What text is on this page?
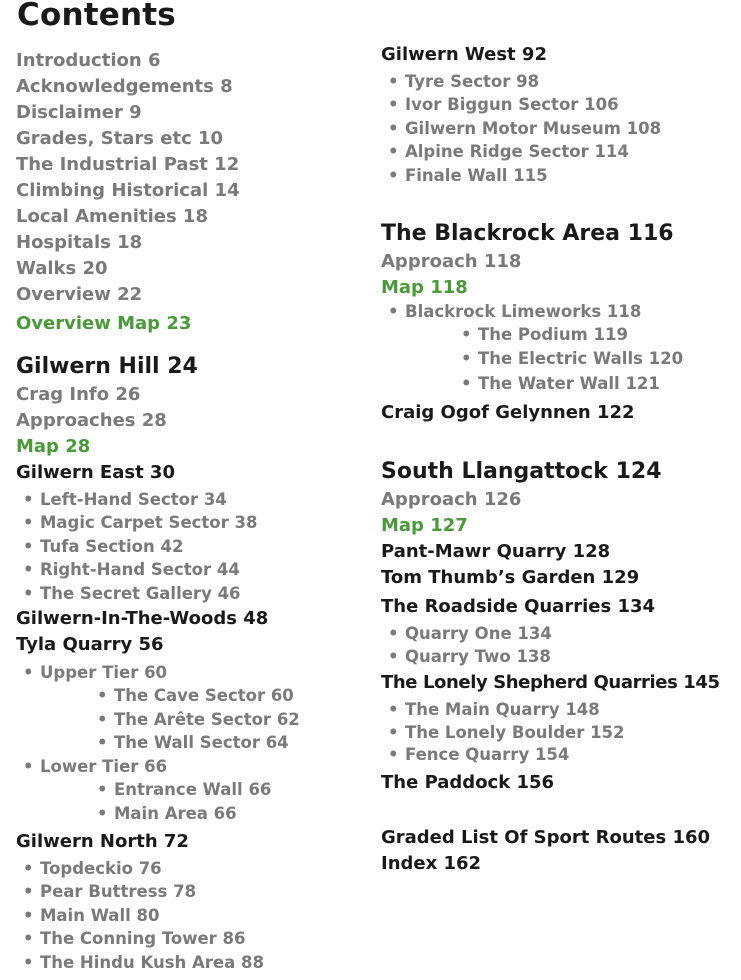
Contents
Introduction 6
Acknowledgements 8
Disclaimer 9
Grades, Stars etc 10
The Industrial Past 12
Climbing Historical 14
Local Amenities 18
Hospitals 18
Walks 20
Overview 22
Overview Map 23
Gilwern Hill 24
Crag Info 26
Approaches 28
Map 28
Gilwern East 30
• Left-Hand Sector 34
• Magic Carpet Sector 38
• Tufa Section 42
• Right-Hand Sector 44
• The Secret Gallery 46
Gilwern-In-The-Woods 48
Tyla Quarry 56
• Upper Tier 60
• The Cave Sector 60
• The Arête Sector 62
• The Wall Sector 64
• Lower Tier 66
• Entrance Wall 66
• Main Area 66
Gilwern North 72
• Topdeckio 76
• Pear Buttress 78
• Main Wall 80
• The Conning Tower 86
• The Hindu Kush Area 88
Gilwern West 92
• Tyre Sector 98
• Ivor Biggun Sector 106
• Gilwern Motor Museum 108
• Alpine Ridge Sector 114
• Finale Wall 115
The Blackrock Area 116
Approach 118
Map 118
• Blackrock Limeworks 118
• The Podium 119
• The Electric Walls 120
• The Water Wall 121
Craig Ogof Gelynnen 122
South Llangattock 124
Approach 126
Map 127
Pant-Mawr Quarry 128
Tom Thumb’s Garden 129
The Roadside Quarries 134
• Quarry One 134
• Quarry Two 138
The Lonely Shepherd Quarries 145
• The Main Quarry 148
• The Lonely Boulder 152
• Fence Quarry 154
The Paddock 156
Graded List Of Sport Routes 160
Index 162
